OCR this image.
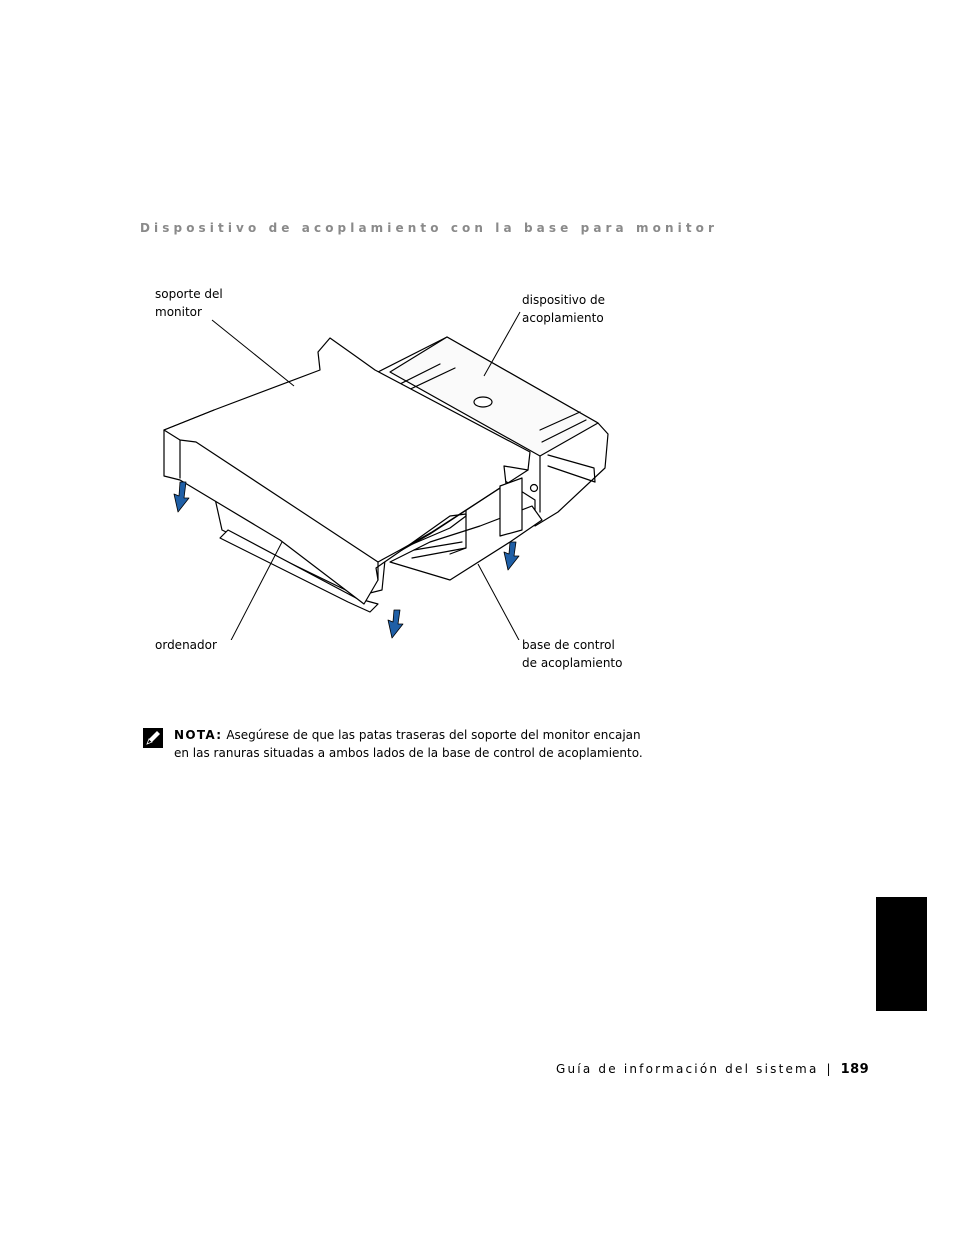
Dispositivo de acoplamiento con la base para monitor
soporte del
monitor
dispositivo de
acoplamiento
ordenador	base de control
de acoplamiento
NOTA: Asegúrese de que las patas traseras del soporte del monitor encajan en las ranuras situadas a ambos lados de la base de control de acoplamiento.
Guía de información del sistema | 189
